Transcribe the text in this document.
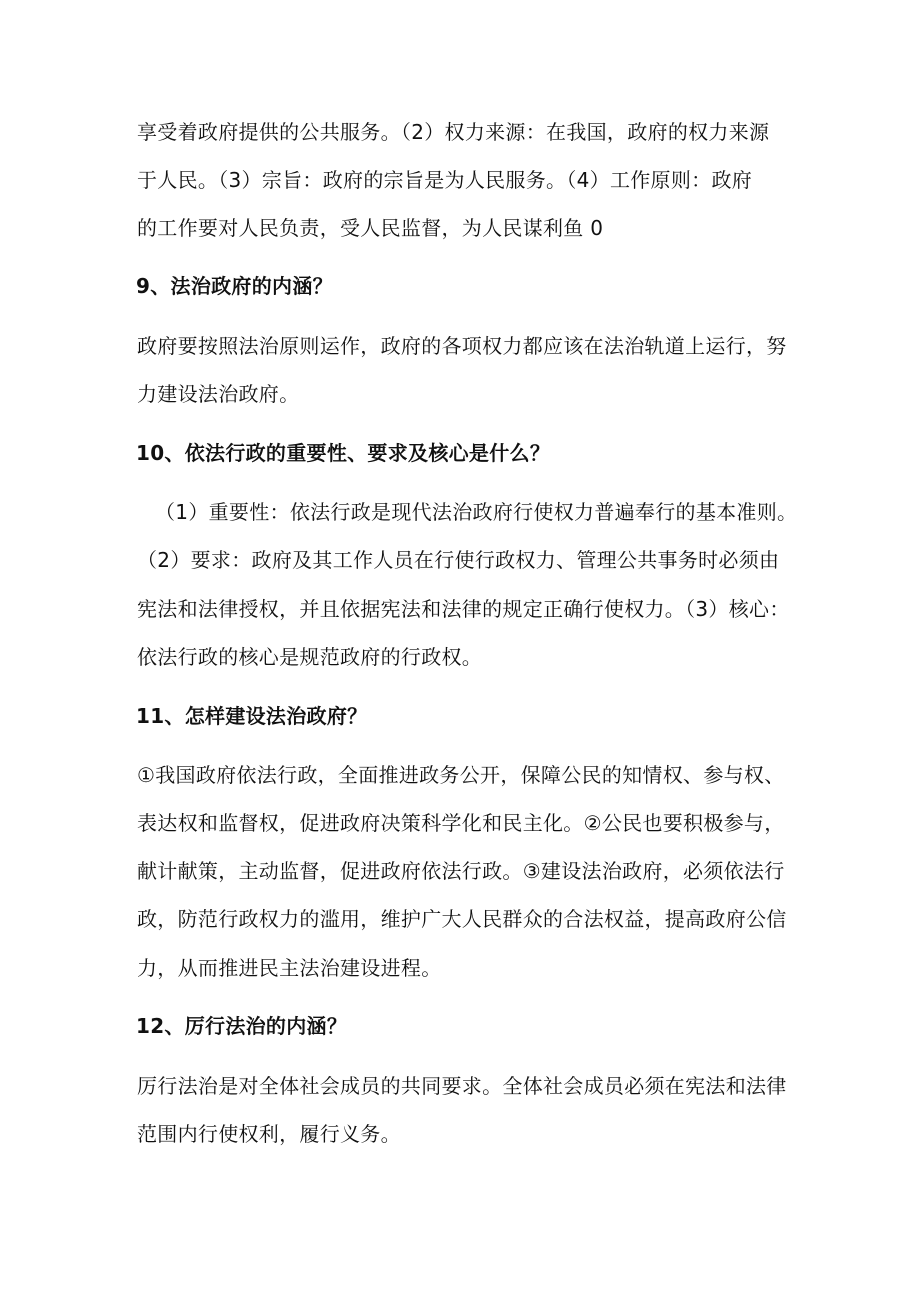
享受着政府提供的公共服务。（2）权力来源：在我国，政府的权力来源

于人民。（3）宗旨：政府的宗旨是为人民服务。（4）工作原则：政府

的工作要对人民负责，受人民监督，为人民谋利鱼 0

9、法治政府的内涵？

政府要按照法治原则运作，政府的各项权力都应该在法治轨道上运行，努

力建设法治政府。

10、依法行政的重要性、要求及核心是什么？

（1）重要性：依法行政是现代法治政府行使权力普遍奉行的基本准则。

（2）要求：政府及其工作人员在行使行政权力、管理公共事务时必须由

宪法和法律授权，并且依据宪法和法律的规定正确行使权力。（3）核心：

依法行政的核心是规范政府的行政权。

11、怎样建设法治政府？

①我国政府依法行政，全面推进政务公开，保障公民的知情权、参与权、

表达权和监督权，促进政府决策科学化和民主化。②公民也要积极参与，

献计献策，主动监督，促进政府依法行政。③建设法治政府，必须依法行

政，防范行政权力的滥用，维护广大人民群众的合法权益，提高政府公信

力，从而推进民主法治建设进程。

12、厉行法治的内涵？

厉行法治是对全体社会成员的共同要求。全体社会成员必须在宪法和法律

范围内行使权利，履行义务。
